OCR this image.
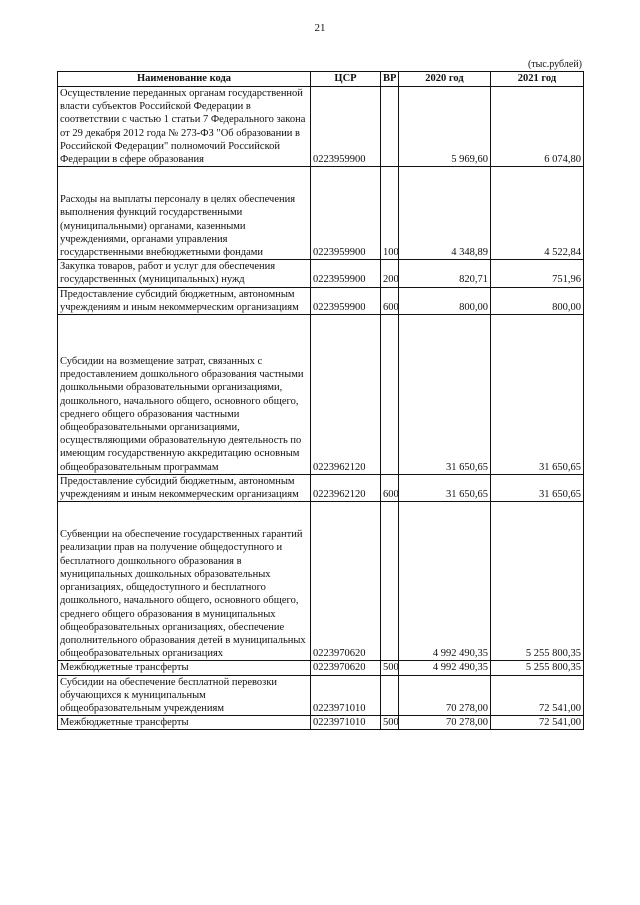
21
(тыс.рублей)
Наименование кода	ЦСР	ВР	2020 год	2021 год
Осуществление переданных органам государственной власти субъектов Российской Федерации в соответствии с частью 1 статьи 7 Федерального закона от 29 декабря 2012 года № 273-ФЗ "Об образовании в Российской Федерации" полномочий Российской Федерации в сфере образования	0223959900		5 969,60	6 074,80

Расходы на выплаты персоналу в целях обеспечения выполнения функций государственными (муниципальными) органами, казенными учреждениями, органами управления государственными внебюджетными фондами	0223959900	100	4 348,89	4 522,84
Закупка товаров, работ и услуг для обеспечения государственных (муниципальных) нужд	0223959900	200	820,71	751,96
Предоставление субсидий бюджетным, автономным учреждениям и иным некоммерческим организациям	0223959900	600	800,00	800,00

Субсидии на возмещение затрат, связанных с предоставлением дошкольного образования частными дошкольными образовательными организациями, дошкольного, начального общего, основного общего, среднего общего образования частными общеобразовательными организациями, осуществляющими образовательную деятельность по имеющим государственную аккредитацию основным общеобразовательным программам	0223962120		31 650,65	31 650,65
Предоставление субсидий бюджетным, автономным учреждениям и иным некоммерческим организациям	0223962120	600	31 650,65	31 650,65

Субвенции на обеспечение государственных гарантий реализации прав на получение общедоступного и бесплатного дошкольного образования в муниципальных дошкольных образовательных организациях, общедоступного и бесплатного дошкольного, начального общего, основного общего, среднего общего образования в муниципальных общеобразовательных организациях, обеспечение дополнительного образования детей в муниципальных общеобразовательных организациях	0223970620		4 992 490,35	5 255 800,35
Межбюджетные трансферты	0223970620	500	4 992 490,35	5 255 800,35
Субсидии на обеспечение бесплатной перевозки обучающихся к муниципальным общеобразовательным учреждениям	0223971010		70 278,00	72 541,00
Межбюджетные трансферты	0223971010	500	70 278,00	72 541,00
